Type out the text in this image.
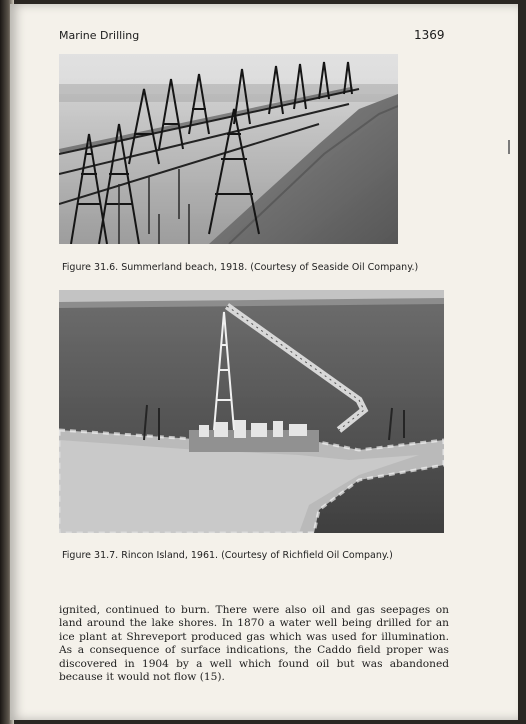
Marine Drilling	1369
Figure 31.6. Summerland beach, 1918. (Courtesy of Seaside Oil Company.)
Figure 31.7. Rincon Island, 1961. (Courtesy of Richfield Oil Company.)

ignited, continued to burn. There were also oil and gas seepages on land around the lake shores. In 1870 a water well being drilled for an ice plant at Shreveport produced gas which was used for illumination. As a consequence of surface indications, the Caddo field proper was discovered in 1904 by a well which found oil but was abandoned because it would not flow (15).
